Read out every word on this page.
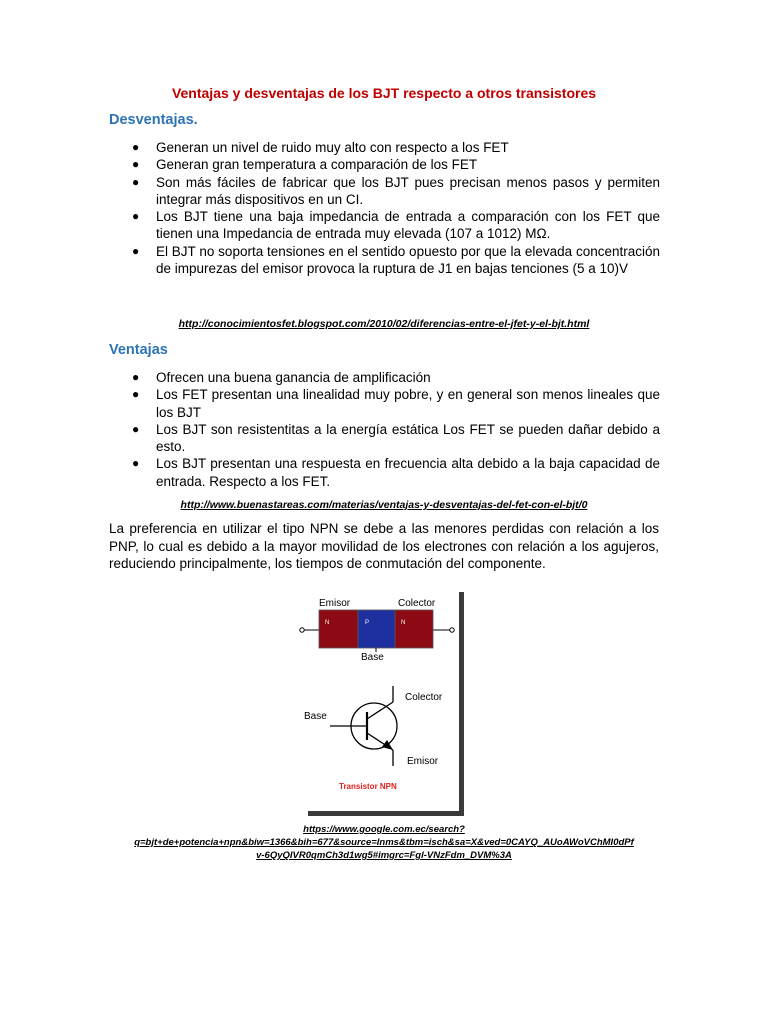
Ventajas y desventajas de los BJT respecto a otros transistores
Desventajas.
● Generan un nivel de ruido muy alto con respecto a los FET
● Generan gran temperatura a comparación de los FET
● Son más fáciles de fabricar que los BJT pues precisan menos pasos y permiten integrar más dispositivos en un CI.
● Los BJT tiene una baja impedancia de entrada a comparación con los FET que tienen una Impedancia de entrada muy elevada (107 a 1012) MΩ.
● El BJT no soporta tensiones en el sentido opuesto por que la elevada concentración de impurezas del emisor provoca la ruptura de J1 en bajas tenciones (5 a 10)V
http://conocimientosfet.blogspot.com/2010/02/diferencias-entre-el-jfet-y-el-bjt.html
Ventajas
● Ofrecen una buena ganancia de amplificación
● Los FET presentan una linealidad muy pobre, y en general son menos lineales que los BJT
● Los BJT son resistentitas a la energía estática Los FET se pueden dañar debido a esto.
● Los BJT presentan una respuesta en frecuencia alta debido a la baja capacidad de entrada. Respecto a los FET.
http://www.buenastareas.com/materias/ventajas-y-desventajas-del-fet-con-el-bjt/0

La preferencia en utilizar el tipo NPN se debe a las menores perdidas con relación a los PNP, lo cual es debido a la mayor movilidad de los electrones con relación a los agujeros, reduciendo principalmente, los tiempos de conmutación del componente.

Emisor	Colector
N	P	N
Base
Base
Colector
Emisor
Transistor NPN
https://www.google.com.ec/search?
q=bjt+de+potencia+npn&biw=1366&bih=677&source=lnms&tbm=isch&sa=X&ved=0CAYQ_AUoAWoVChMI0dPf
v-6QyQIVR0qmCh3d1wg5#imgrc=Fgl-VNzFdm_DVM%3A
